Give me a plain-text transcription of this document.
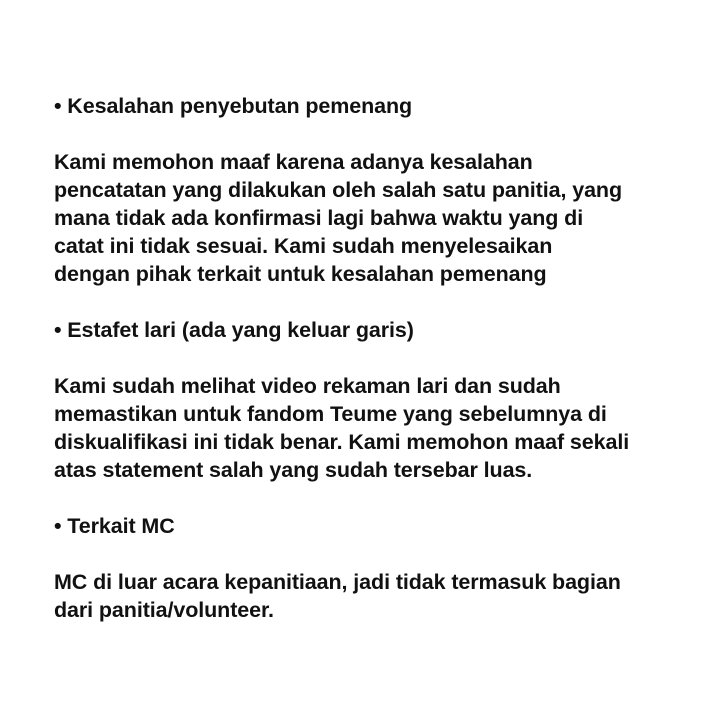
• Kesalahan penyebutan pemenang
Kami memohon maaf karena adanya kesalahan
pencatatan yang dilakukan oleh salah satu panitia, yang
mana tidak ada konfirmasi lagi bahwa waktu yang di
catat ini tidak sesuai. Kami sudah menyelesaikan
dengan pihak terkait untuk kesalahan pemenang
• Estafet lari (ada yang keluar garis)
Kami sudah melihat video rekaman lari dan sudah
memastikan untuk fandom Teume yang sebelumnya di
diskualifikasi ini tidak benar. Kami memohon maaf sekali
atas statement salah yang sudah tersebar luas.
• Terkait MC
MC di luar acara kepanitiaan, jadi tidak termasuk bagian
dari panitia/volunteer.
